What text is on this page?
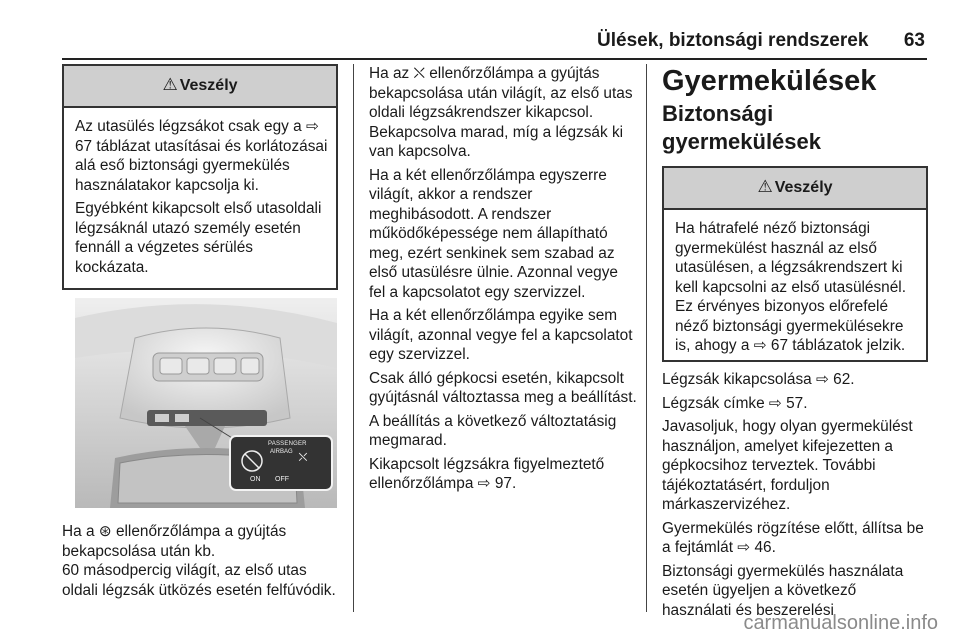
Ülések, biztonsági rendszerek 63
⚠ Veszély

Az utasülés légzsákot csak egy a ⇨ 67 táblázat utasításai és korlátozásai alá eső biztonsági gyermekülés használatakor kapcsolja ki.

Egyébként kikapcsolt első utasoldali légzsáknál utazó személy esetén fennáll a végzetes sérülés kockázata.

⛌
PASSENGER
AIRBAG
ON OFF

Ha a ⊛ ellenőrzőlámpa a gyújtás bekapcsolása után kb.

60 másodpercig világít, az első utas oldali légzsák ütközés esetén felfúvódik.

Ha az ⛌ ellenőrzőlámpa a gyújtás bekapcsolása után világít, az első utas oldali légzsákrendszer kikapcsol. Bekapcsolva marad, míg a légzsák ki van kapcsolva.

Ha a két ellenőrzőlámpa egyszerre világít, akkor a rendszer meghibásodott. A rendszer működőképessége nem állapítható meg, ezért senkinek sem szabad az első utasülésre ülnie. Azonnal vegye fel a kapcsolatot egy szervizzel.

Ha a két ellenőrzőlámpa egyike sem világít, azonnal vegye fel a kapcsolatot egy szervizzel.

Csak álló gépkocsi esetén, kikapcsolt gyújtásnál változtassa meg a beállítást.

A beállítás a következő változtatásig megmarad.

Kikapcsolt légzsákra figyelmeztető ellenőrzőlámpa ⇨ 97.

Gyermekülések
Biztonsági gyermekülések
⚠ Veszély

Ha hátrafelé néző biztonsági gyermekülést használ az első utasülésen, a légzsákrendszert ki kell kapcsolni az első utasülésnél. Ez érvényes bizonyos előrefelé néző biztonsági gyermekülésekre is, ahogy a ⇨ 67 táblázatok jelzik.

Légzsák kikapcsolása ⇨ 62.

Légzsák címke ⇨ 57.

Javasoljuk, hogy olyan gyermekülést használjon, amelyet kifejezetten a gépkocsihoz terveztek. További tájékoztatásért, forduljon márkaszervizéhez.

Gyermekülés rögzítése előtt, állítsa be a fejtámlát ⇨ 46.

Biztonsági gyermekülés használata esetén ügyeljen a következő használati és beszerelési

carmanualsonline.info
